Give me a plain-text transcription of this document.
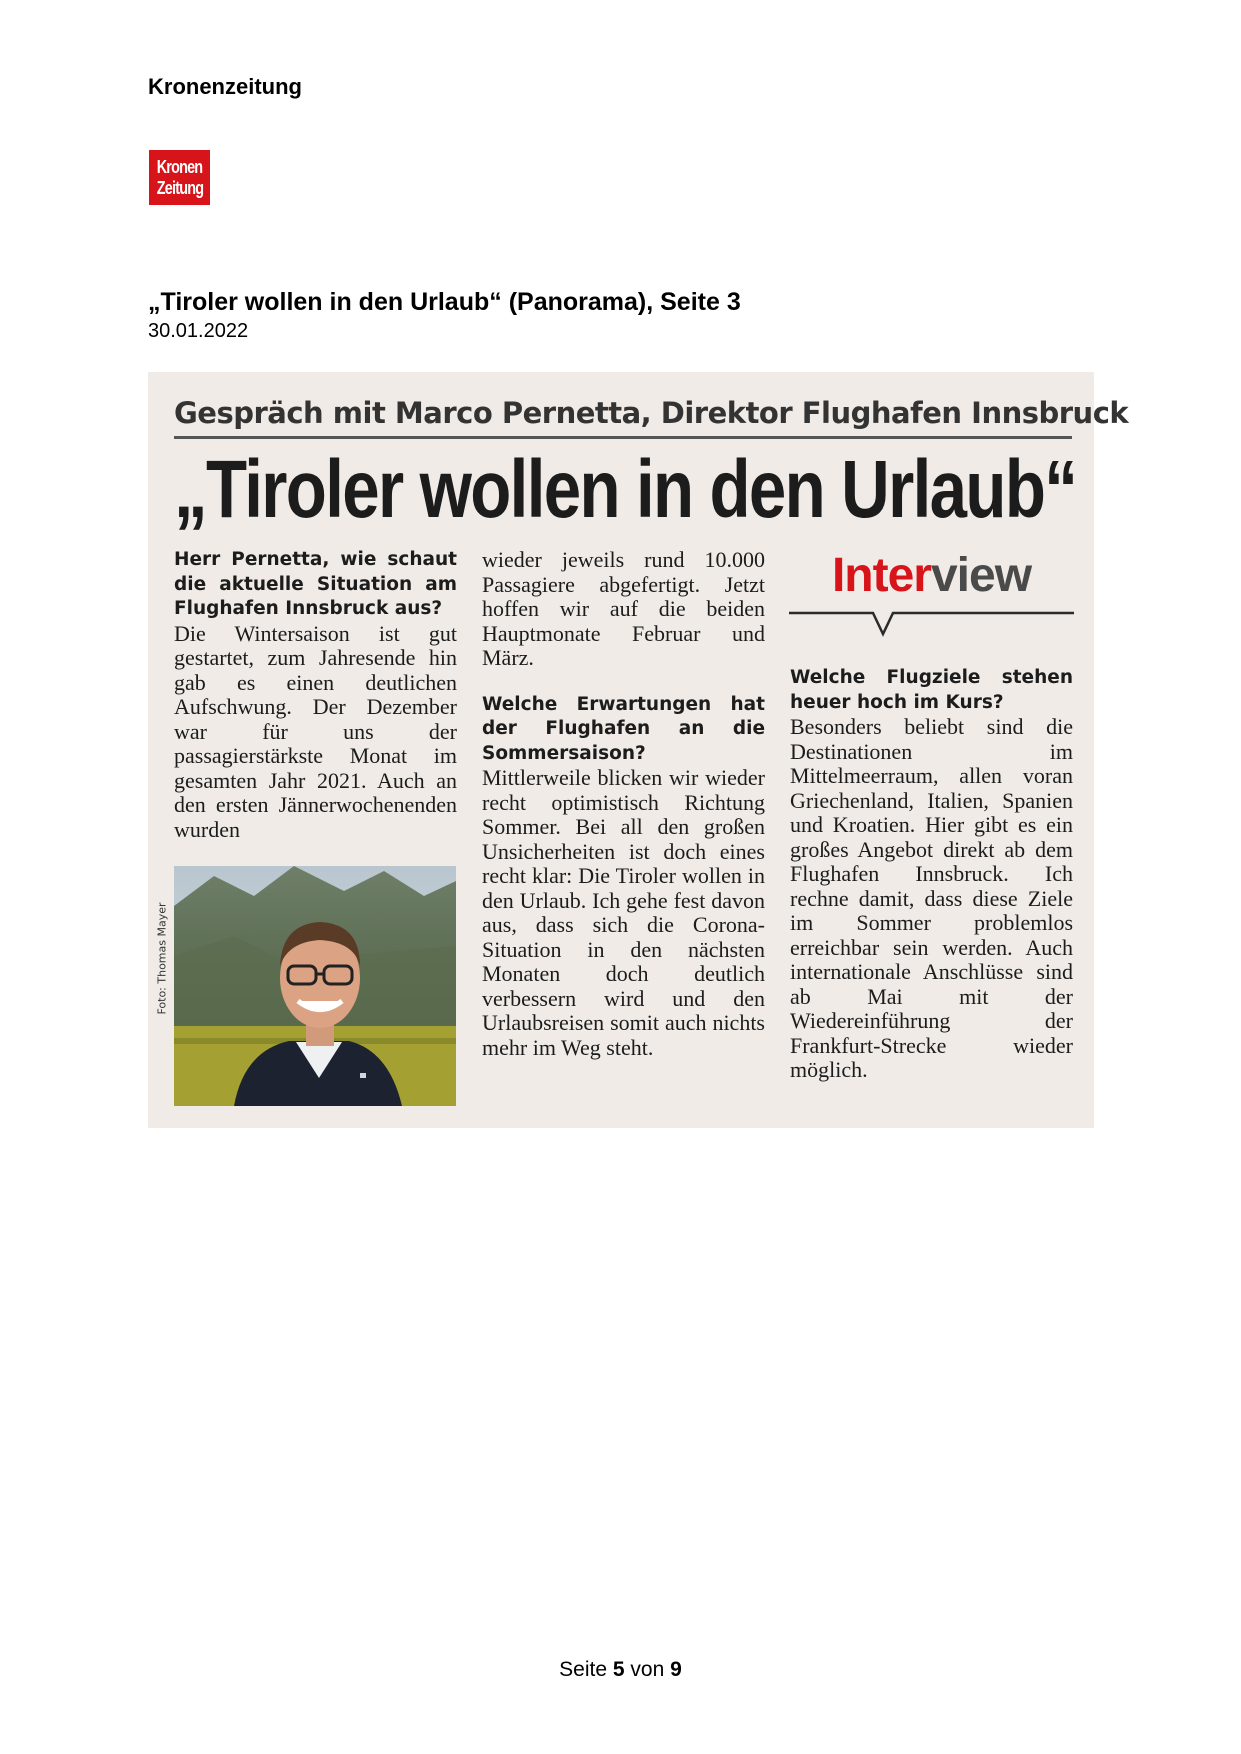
Kronenzeitung
Kronen
Zeitung
„Tiroler wollen in den Urlaub“ (Panorama), Seite 3
30.01.2022
Gespräch mit Marco Pernetta, Direktor Flughafen Innsbruck
„Tiroler wollen in den Urlaub“
Herr Pernetta, wie schaut die aktuelle Situation am Flughafen Innsbruck aus?
Die Wintersaison ist gut gestartet, zum Jahresende hin gab es einen deutlichen Aufschwung. Der Dezember war für uns der passagierstärkste Monat im gesamten Jahr 2021. Auch an den ersten Jännerwochenenden wurden
Foto: Thomas Mayer
wieder jeweils rund 10.000 Passagiere abgefertigt. Jetzt hoffen wir auf die beiden Hauptmonate Februar und März.
Welche Erwartungen hat der Flughafen an die Sommersaison?
Mittlerweile blicken wir wieder recht optimistisch Richtung Sommer. Bei all den großen Unsicherheiten ist doch eines recht klar: Die Tiroler wollen in den Urlaub. Ich gehe fest davon aus, dass sich die Corona-Situation in den nächsten Monaten doch deutlich verbessern wird und den Urlaubsreisen somit auch nichts mehr im Weg steht.
Interview
Welche Flugziele stehen heuer hoch im Kurs?
Besonders beliebt sind die Destinationen im Mittelmeerraum, allen voran Griechenland, Italien, Spanien und Kroatien. Hier gibt es ein großes Angebot direkt ab dem Flughafen Innsbruck. Ich rechne damit, dass diese Ziele im Sommer problemlos erreichbar sein werden. Auch internationale Anschlüsse sind ab Mai mit der Wiedereinführung der Frankfurt-Strecke wieder möglich.
Seite 5 von 9
